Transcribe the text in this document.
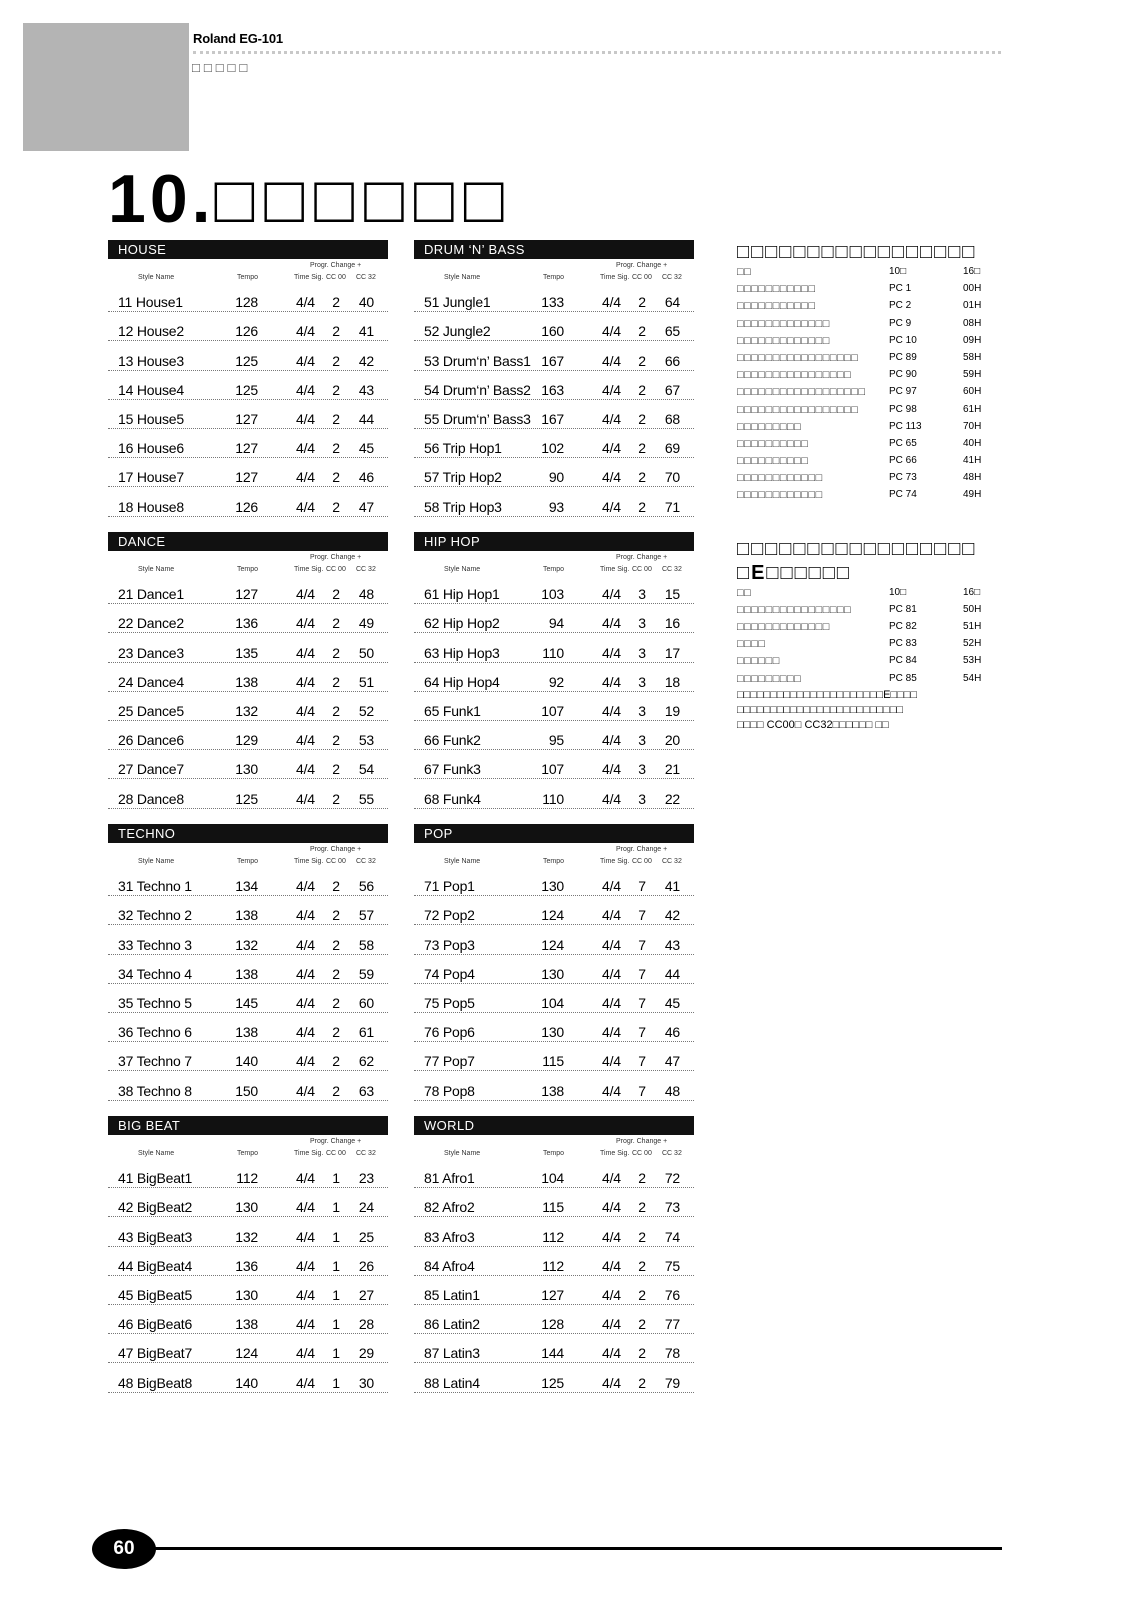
Roland EG-101
□□□□□
10.□□□□□□
HOUSE
Style Name	Tempo
Progr. Change +
Time Sig. CC 00 CC 32
11 House1	128	4/4 2	40
12 House2	126	4/4 2	41
13 House3	125	4/4 2	42
14 House4	125	4/4 2	43
15 House5	127	4/4 2	44
16 House6	127	4/4 2	45
17 House7	127	4/4 2	46
18 House8	126	4/4 2	47
DRUM ‘N’ BASS
Style Name	Tempo
Progr. Change +
Time Sig. CC 00 CC 32
51 Jungle1	133	4/4 2	64
52 Jungle2	160	4/4 2	65
53 Drum‘n’ Bass1 167	4/4 2	66
54 Drum‘n’ Bass2 163	4/4 2	67
55 Drum‘n’ Bass3 167	4/4 2	68
56 Trip Hop1	102	4/4 2	69
57 Trip Hop2	90	4/4 2	70
58 Trip Hop3	93	4/4 2	71
DANCE
Style Name	Tempo
Progr. Change +
Time Sig. CC 00 CC 32
21 Dance1	127	4/4 2	48
22 Dance2	136	4/4 2	49
23 Dance3	135	4/4 2	50
24 Dance4	138	4/4 2	51
25 Dance5	132	4/4 2	52
26 Dance6	129	4/4 2	53
27 Dance7	130	4/4 2	54
28 Dance8	125	4/4 2	55
HIP HOP
Style Name	Tempo
Progr. Change +
Time Sig. CC 00 CC 32
61 Hip Hop1	103	4/4 3	15
62 Hip Hop2	94	4/4 3	16
63 Hip Hop3	110	4/4 3	17
64 Hip Hop4	92	4/4 3	18
65 Funk1	107	4/4 3	19
66 Funk2	95	4/4 3	20
67 Funk3	107	4/4 3	21
68 Funk4	110	4/4 3	22
TECHNO
Style Name	Tempo
Progr. Change +
Time Sig. CC 00 CC 32
31 Techno 1	134	4/4 2	56
32 Techno 2	138	4/4 2	57
33 Techno 3	132	4/4 2	58
34 Techno 4	138	4/4 2	59
35 Techno 5	145	4/4 2	60
36 Techno 6	138	4/4 2	61
37 Techno 7	140	4/4 2	62
38 Techno 8	150	4/4 2	63
POP
Style Name	Tempo
Progr. Change +
Time Sig. CC 00 CC 32
71 Pop1	130	4/4 7	41
72 Pop2	124	4/4 7	42
73 Pop3	124	4/4 7	43
74 Pop4	130	4/4 7	44
75 Pop5	104	4/4 7	45
76 Pop6	130	4/4 7	46
77 Pop7	115	4/4 7	47
78 Pop8	138	4/4 7	48
BIG BEAT
Style Name	Tempo
Progr. Change +
Time Sig. CC 00 CC 32
41 BigBeat1	112	4/4 1	23
42 BigBeat2	130	4/4 1	24
43 BigBeat3	132	4/4 1	25
44 BigBeat4	136	4/4 1	26
45 BigBeat5	130	4/4 1	27
46 BigBeat6	138	4/4 1	28
47 BigBeat7	124	4/4 1	29
48 BigBeat8	140	4/4 1	30
WORLD
Style Name	Tempo
Progr. Change +
Time Sig. CC 00 CC 32
81 Afro1	104	4/4 2	72
82 Afro2	115	4/4 2	73
83 Afro3	112	4/4 2	74
84 Afro4	112	4/4 2	75
85 Latin1	127	4/4 2	76
86 Latin2	128	4/4 2	77
87 Latin3	144	4/4 2	78
88 Latin4	125	4/4 2	79
□□□□□□□□□□□□□□□□□
□□	10□	16□
□□□□□□□□□□□	PC 1	00H
□□□□□□□□□□□	PC 2	01H
□□□□□□□□□□□□□	PC 9	08H
□□□□□□□□□□□□□	PC 10	09H
□□□□□□□□□□□□□□□□□	PC 89	58H
□□□□□□□□□□□□□□□□	PC 90	59H
□□□□□□□□□□□□□□□□□□ PC 97	60H
□□□□□□□□□□□□□□□□□	PC 98	61H
□□□□□□□□□	PC 113	70H
□□□□□□□□□□	PC 65	40H
□□□□□□□□□□	PC 66	41H
□□□□□□□□□□□□	PC 73	48H
□□□□□□□□□□□□	PC 74	49H
□□□□□□□□□□□□□□□□□
□E□□□□□□
□□	10□	16□
□□□□□□□□□□□□□□□□	PC 81	50H
□□□□□□□□□□□□□	PC 82	51H
□□□□	PC 83	52H
□□□□□□	PC 84	53H
□□□□□□□□□	PC 85	54H
□□□□□□□□□□□□□□□□□□□□□□E□□□□
□□□□□□□□□□□□□□□□□□□□□□□□□
□□□□ CC00□ CC32□□□□□□ □□
60
